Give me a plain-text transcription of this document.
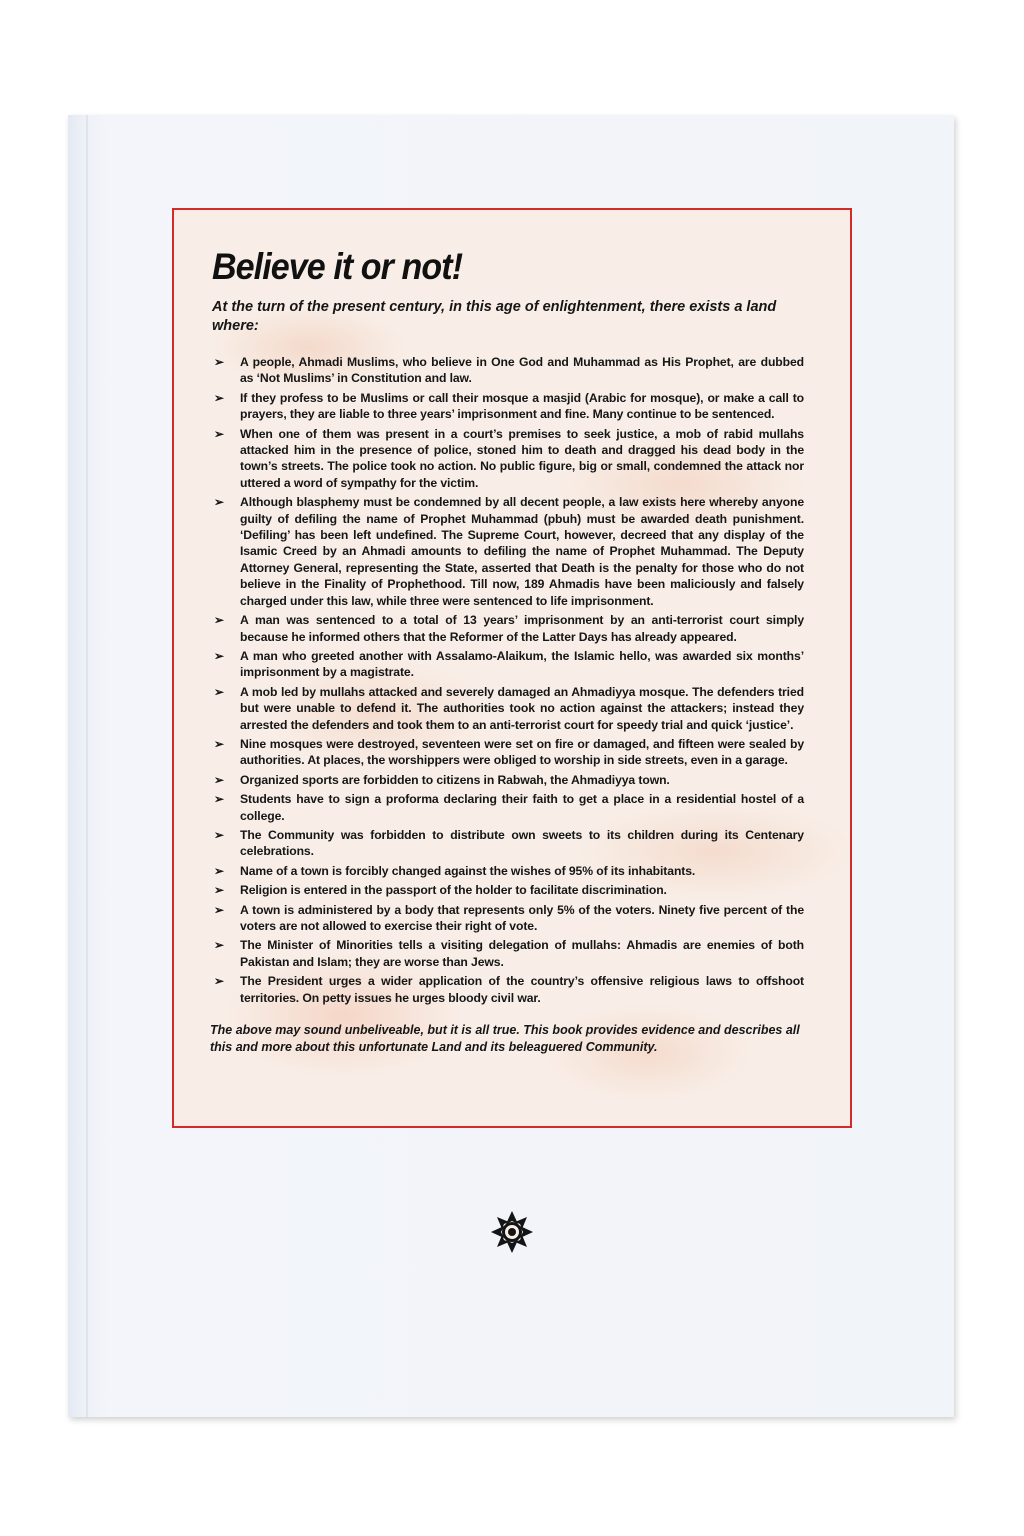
Believe it or not!

At the turn of the present century, in this age of enlightenment, there exists a land where:

➢ A people, Ahmadi Muslims, who believe in One God and Muhammad as His Prophet, are dubbed as ‘Not Muslims’ in Constitution and law.
➢ If they profess to be Muslims or call their mosque a masjid (Arabic for mosque), or make a call to prayers, they are liable to three years’ imprisonment and fine. Many continue to be sentenced.
➢ When one of them was present in a court’s premises to seek justice, a mob of rabid mullahs attacked him in the presence of police, stoned him to death and dragged his dead body in the town’s streets. The police took no action. No public figure, big or small, condemned the attack nor uttered a word of sympathy for the victim.
➢ Although blasphemy must be condemned by all decent people, a law exists here whereby anyone guilty of defiling the name of Prophet Muhammad (pbuh) must be awarded death punishment. ‘Defiling’ has been left undefined. The Supreme Court, however, decreed that any display of the Isamic Creed by an Ahmadi amounts to defiling the name of Prophet Muhammad. The Deputy Attorney General, representing the State, asserted that Death is the penalty for those who do not believe in the Finality of Prophethood. Till now, 189 Ahmadis have been maliciously and falsely charged under this law, while three were sentenced to life imprisonment.
➢ A man was sentenced to a total of 13 years’ imprisonment by an anti-terrorist court simply because he informed others that the Reformer of the Latter Days has already appeared.
➢ A man who greeted another with Assalamo-Alaikum, the Islamic hello, was awarded six months’ imprisonment by a magistrate.
➢ A mob led by mullahs attacked and severely damaged an Ahmadiyya mosque. The defenders tried but were unable to defend it. The authorities took no action against the attackers; instead they arrested the defenders and took them to an anti-terrorist court for speedy trial and quick ‘justice’.
➢ Nine mosques were destroyed, seventeen were set on fire or damaged, and fifteen were sealed by authorities. At places, the worshippers were obliged to worship in side streets, even in a garage.
➢ Organized sports are forbidden to citizens in Rabwah, the Ahmadiyya town.
➢ Students have to sign a proforma declaring their faith to get a place in a residential hostel of a college.
➢ The Community was forbidden to distribute own sweets to its children during its Centenary celebrations.
➢ Name of a town is forcibly changed against the wishes of 95% of its inhabitants.
➢ Religion is entered in the passport of the holder to facilitate discrimination.
➢ A town is administered by a body that represents only 5% of the voters. Ninety five percent of the voters are not allowed to exercise their right of vote.
➢ The Minister of Minorities tells a visiting delegation of mullahs: Ahmadis are enemies of both Pakistan and Islam; they are worse than Jews.
➢ The President urges a wider application of the country’s offensive religious laws to offshoot territories. On petty issues he urges bloody civil war.

The above may sound unbeliveable, but it is all true. This book provides evidence and describes all this and more about this unfortunate Land and its beleaguered Community.
